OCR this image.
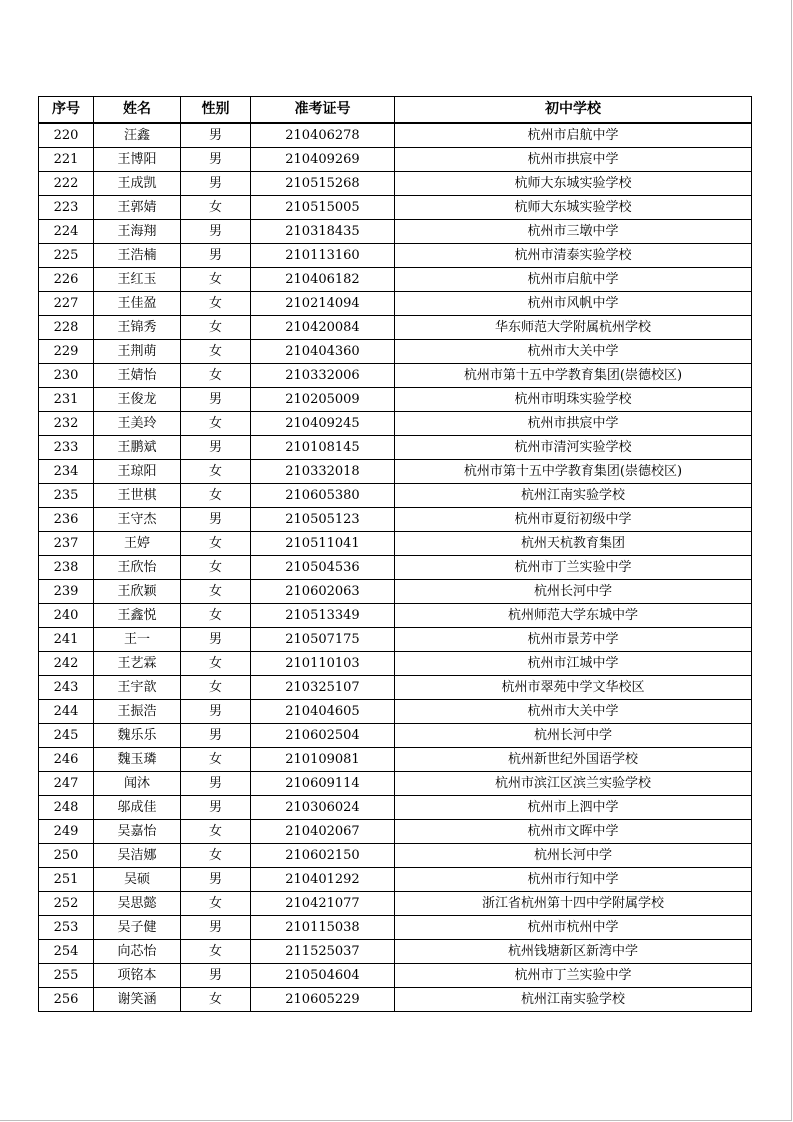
序号	姓名	性别	准考证号	初中学校
220	汪鑫	男	210406278	杭州市启航中学
221	王博阳	男	210409269	杭州市拱宸中学
222	王成凯	男	210515268	杭师大东城实验学校
223	王郭婧	女	210515005	杭师大东城实验学校
224	王海翔	男	210318435	杭州市三墩中学
225	王浩楠	男	210113160	杭州市清泰实验学校
226	王红玉	女	210406182	杭州市启航中学
227	王佳盈	女	210214094	杭州市风帆中学
228	王锦秀	女	210420084	华东师范大学附属杭州学校
229	王荆萌	女	210404360	杭州市大关中学
230	王婧怡	女	210332006	杭州市第十五中学教育集团(崇德校区)
231	王俊龙	男	210205009	杭州市明珠实验学校
232	王美玲	女	210409245	杭州市拱宸中学
233	王鹏斌	男	210108145	杭州市清河实验学校
234	王琼阳	女	210332018	杭州市第十五中学教育集团(崇德校区)
235	王世棋	女	210605380	杭州江南实验学校
236	王守杰	男	210505123	杭州市夏衍初级中学
237	王婷	女	210511041	杭州天杭教育集团
238	王欣怡	女	210504536	杭州市丁兰实验中学
239	王欣颖	女	210602063	杭州长河中学
240	王鑫悦	女	210513349	杭州师范大学东城中学
241	王一	男	210507175	杭州市景芳中学
242	王艺霖	女	210110103	杭州市江城中学
243	王宇歆	女	210325107	杭州市翠苑中学文华校区
244	王振浩	男	210404605	杭州市大关中学
245	魏乐乐	男	210602504	杭州长河中学
246	魏玉璘	女	210109081	杭州新世纪外国语学校
247	闻沐	男	210609114	杭州市滨江区滨兰实验学校
248	邬成佳	男	210306024	杭州市上泗中学
249	吴嘉怡	女	210402067	杭州市文晖中学
250	吴洁娜	女	210602150	杭州长河中学
251	吴硕	男	210401292	杭州市行知中学
252	吴思懿	女	210421077	浙江省杭州第十四中学附属学校
253	吴子健	男	210115038	杭州市杭州中学
254	向芯怡	女	211525037	杭州钱塘新区新湾中学
255	项铭本	男	210504604	杭州市丁兰实验中学
256	谢笑涵	女	210605229	杭州江南实验学校
